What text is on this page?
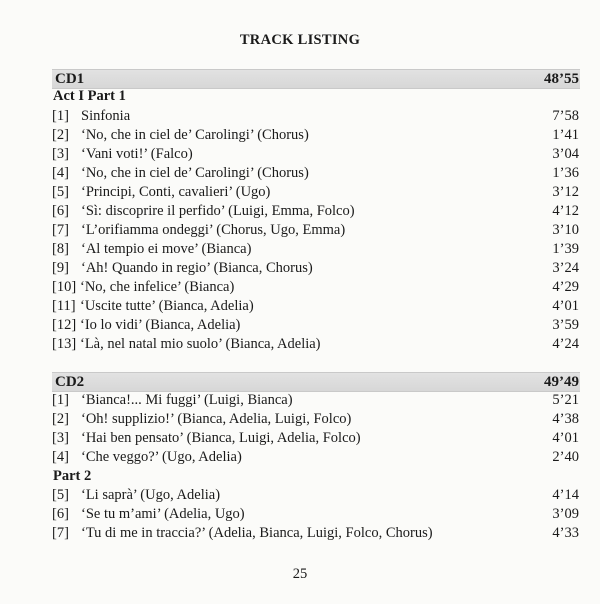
TRACK LISTING
CD1	48’55
Act I Part 1
[1] Sinfonia	7’58
[2] ‘No, che in ciel de’ Carolingi’ (Chorus)	1’41
[3] ‘Vani voti!’ (Falco)	3’04
[4] ‘No, che in ciel de’ Carolingi’ (Chorus)	1’36
[5] ‘Principi, Conti, cavalieri’ (Ugo)	3’12
[6] ‘Sì: discoprire il perfido’ (Luigi, Emma, Folco)	4’12
[7] ‘L’orifiamma ondeggi’ (Chorus, Ugo, Emma)	3’10
[8] ‘Al tempio ei move’ (Bianca)	1’39
[9] ‘Ah! Quando in regio’ (Bianca, Chorus)	3’24
[10] ‘No, che infelice’ (Bianca)	4’29
[11] ‘Uscite tutte’ (Bianca, Adelia)	4’01
[12] ‘Io lo vidi’ (Bianca, Adelia)	3’59
[13] ‘Là, nel natal mio suolo’ (Bianca, Adelia)	4’24
CD2	49’49
[1] ‘Bianca!... Mi fuggi’ (Luigi, Bianca)	5’21
[2] ‘Oh! supplizio!’ (Bianca, Adelia, Luigi, Folco)	4’38
[3] ‘Hai ben pensato’ (Bianca, Luigi, Adelia, Folco)	4’01
[4] ‘Che veggo?’ (Ugo, Adelia)	2’40
Part 2
[5] ‘Li saprà’ (Ugo, Adelia)	4’14
[6] ‘Se tu m’ami’ (Adelia, Ugo)	3’09
[7] ‘Tu di me in traccia?’ (Adelia, Bianca, Luigi, Folco, Chorus)	4’33
25
